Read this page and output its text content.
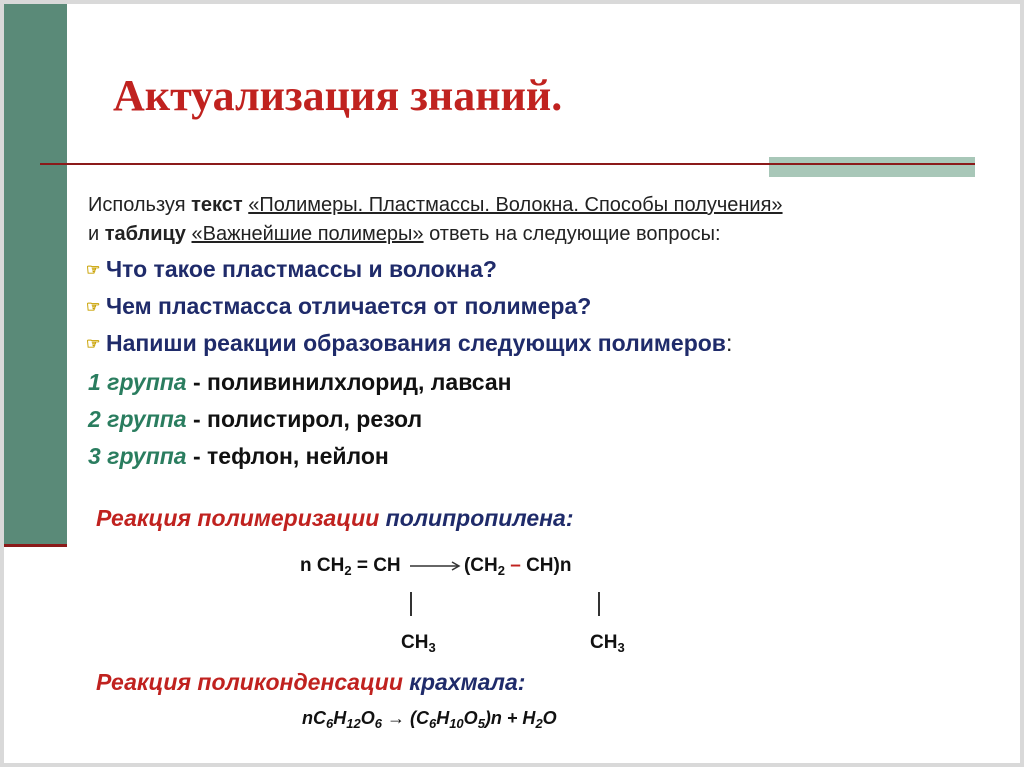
Актуализация знаний.
Используя текст «Полимеры. Пластмассы. Волокна. Способы получения»
и таблицу «Важнейшие полимеры» ответь на следующие вопросы:
☞ Что такое пластмассы и волокна?
☞ Чем пластмасса отличается от полимера?
☞ Напиши реакции образования следующих полимеров:
1 группа - поливинилхлорид, лавсан
2 группа - полистирол, резол
3 группа - тефлон, нейлон
Реакция полимеризации полипропилена:
n $CH_2$ = CH $\to(CH_2 - CH)n$
$CH_3$	$CH_3$
Реакция поликонденсации крахмала:
$nC_6H_{12}O_6 \to (C_6H_{10}O_5)n + H_2O$
